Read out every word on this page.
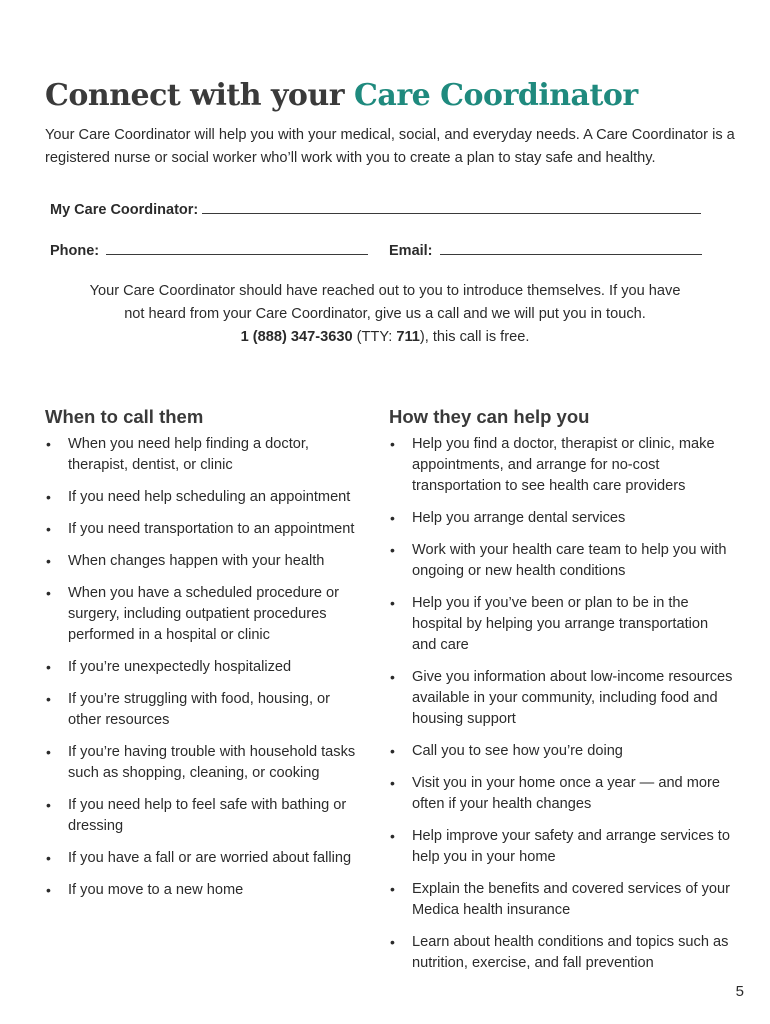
Connect with your Care Coordinator

Your Care Coordinator will help you with your medical, social, and everyday needs. A Care Coordinator is a registered nurse or social worker who’ll work with you to create a plan to stay safe and healthy.

My Care Coordinator:
Phone:	Email:

Your Care Coordinator should have reached out to you to introduce themselves. If you have not heard from your Care Coordinator, give us a call and we will put you in touch.
1 (888) 347-3630 (TTY: 711), this call is free.

When to call them
• When you need help finding a doctor, therapist, dentist, or clinic
• If you need help scheduling an appointment
• If you need transportation to an appointment
• When changes happen with your health
• When you have a scheduled procedure or surgery, including outpatient procedures performed in a hospital or clinic
• If you’re unexpectedly hospitalized
• If you’re struggling with food, housing, or other resources
• If you’re having trouble with household tasks such as shopping, cleaning, or cooking
• If you need help to feel safe with bathing or dressing
• If you have a fall or are worried about falling
• If you move to a new home
How they can help you
• Help you find a doctor, therapist or clinic, make appointments, and arrange for no-cost transportation to see health care providers
• Help you arrange dental services
• Work with your health care team to help you with ongoing or new health conditions
• Help you if you’ve been or plan to be in the hospital by helping you arrange transportation and care
• Give you information about low-income resources available in your community, including food and housing support
• Call you to see how you’re doing
• Visit you in your home once a year — and more often if your health changes
• Help improve your safety and arrange services to help you in your home
• Explain the benefits and covered services of your Medica health insurance
• Learn about health conditions and topics such as nutrition, exercise, and fall prevention
5
